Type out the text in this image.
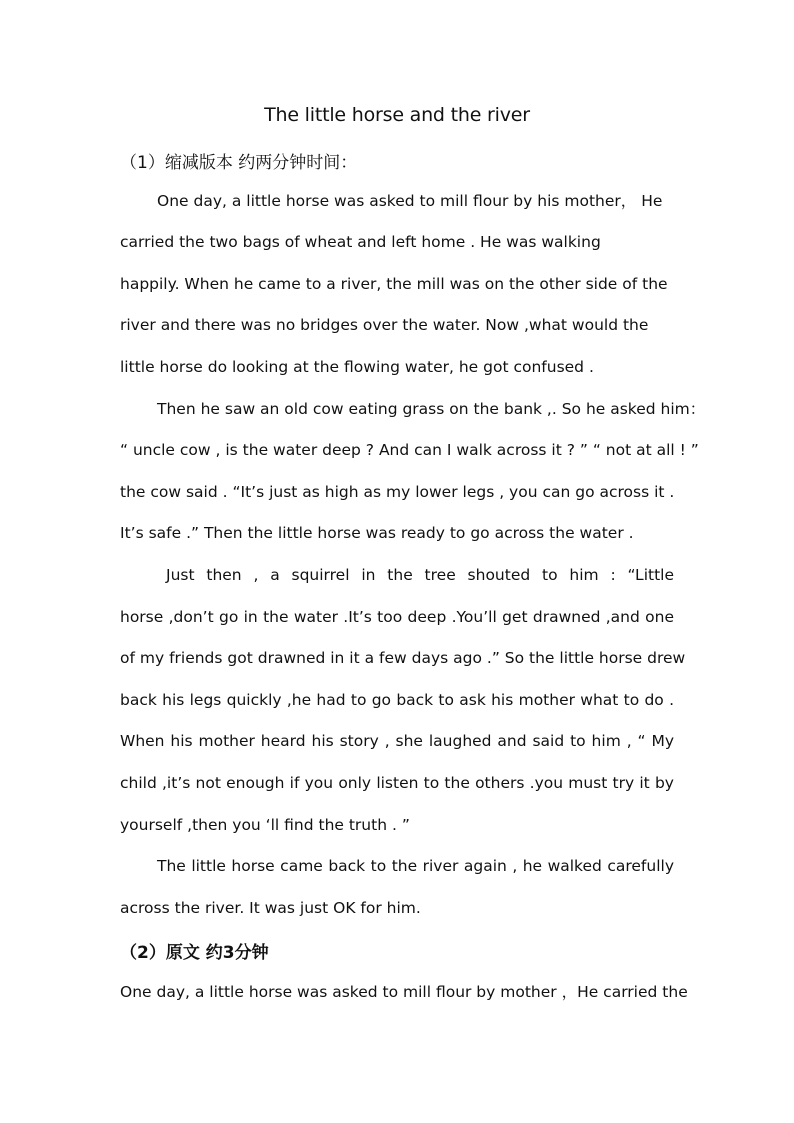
The little horse and the river
（1）缩减版本 约两分钟时间：
One day, a little horse was asked to mill flour by his mother， He
carried the two bags of wheat and left home . He was walking
happily. When he came to a river, the mill was on the other side of the
river and there was no bridges over the water. Now ,what would the
little horse do looking at the flowing water, he got confused .
Then he saw an old cow eating grass on the bank ,. So he asked him：
“ uncle cow , is the water deep ? And can I walk across it ? ” “ not at all ! ”
the cow said . “It’s just as high as my lower legs , you can go across it .
It’s safe .” Then the little horse was ready to go across the water .
Just then , a squirrel in the tree shouted to him : “Little
horse ,don’t go in the water .It’s too deep .You’ll get drawned ,and one
of my friends got drawned in it a few days ago .” So the little horse drew
back his legs quickly ,he had to go back to ask his mother what to do .
When his mother heard his story , she laughed and said to him , “ My
child ,it’s not enough if you only listen to the others .you must try it by
yourself ,then you ‘ll find the truth . ”
The little horse came back to the river again , he walked carefully
across the river. It was just OK for him.
（2）原文 约3分钟
One day, a little horse was asked to mill flour by mother ，He carried the
